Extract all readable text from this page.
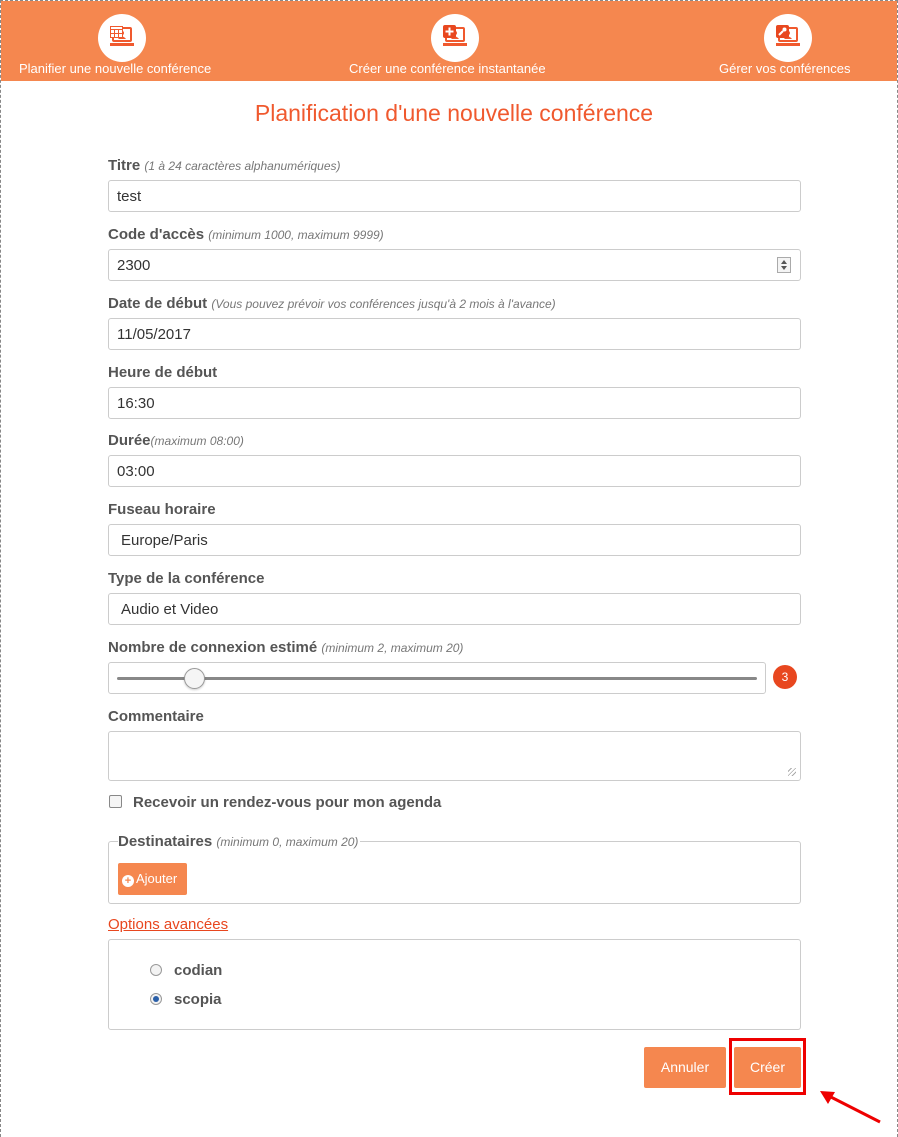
Planifier une nouvelle conférence	Créer une conférence instantanée	Gérer vos conférences
Planification d'une nouvelle conférence
Titre (1 à 24 caractères alphanumériques)
test
Code d'accès (minimum 1000, maximum 9999)
2300
Date de début (Vous pouvez prévoir vos conférences jusqu'à 2 mois à l'avance)
11/05/2017
Heure de début
16:30
Durée(maximum 08:00)
03:00
Fuseau horaire
Europe/Paris
Type de la conférence
Audio et Video
Nombre de connexion estimé (minimum 2, maximum 20)
3
Commentaire
Recevoir un rendez-vous pour mon agenda
Destinataires (minimum 0, maximum 20)
+ Ajouter
Options avancées
codian
scopia
Annuler	Créer
